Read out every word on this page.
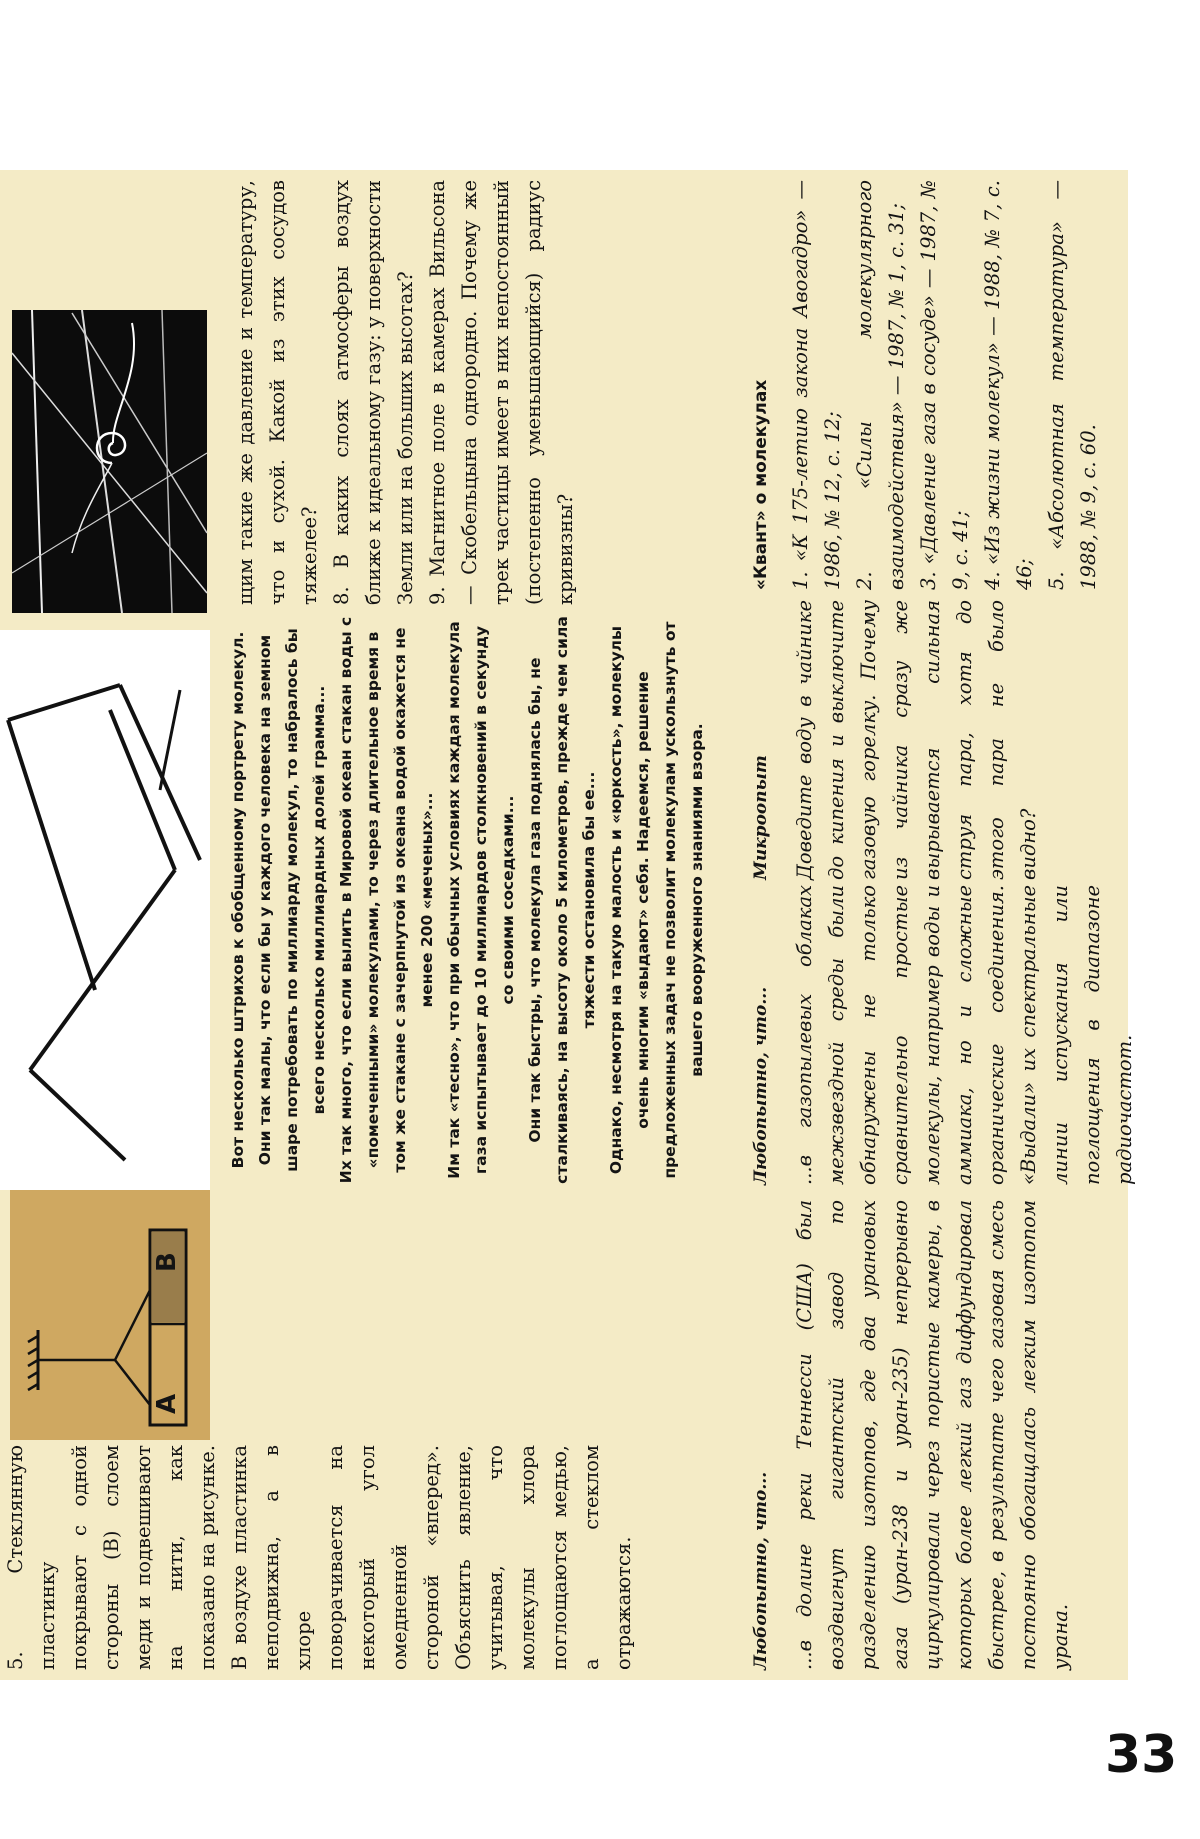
A
B
5. Стеклянную пластинку покрывают с одной стороны (В) слоем меди и подвешивают на нити, как показано на рисунке. В воздухе пластинка неподвижна, а в хлоре поворачивается на некоторый угол омедненной стороной «вперед». Объяснить явление, учитывая, что молекулы хлора поглощаются медью, а стеклом отражаются.

Вот несколько штрихов к обобщенному портрету молекул. Они так малы, что если бы у каждого человека на земном шаре потребовать по миллиарду молекул, то набралось бы всего несколько миллиардных долей грамма... Их так много, что если вылить в Мировой океан стакан воды с «помеченными» молекулами, то через длительное время в том же стакане с зачерпнутой из океана водой окажется не менее 200 «меченых»... Им так «тесно», что при обычных условиях каждая молекула газа испытывает до 10 миллиардов столкновений в секунду со своими соседками... Они так быстры, что молекула газа поднялась бы, не сталкиваясь, на высоту около 5 километров, прежде чем сила тяжести остановила бы ее... Однако, несмотря на такую малость и «юркость», молекулы очень многим «выдают» себя. Надеемся, решение предложенных задач не позволит молекулам ускользнуть от вашего вооруженного знаниями взора.

щим такие же давление и температуру, что и сухой. Какой из этих сосудов тяжелее? 8. В каких слоях атмосферы воздух ближе к идеальному газу: у поверхности Земли или на больших высотах? 9. Магнитное поле в камерах Вильсона — Скобельцына однородно. Почему же трек частицы имеет в них непостоянный (постепенно уменьшающийся) радиус кривизны?
Любопытно, что...	...в долине реки Теннесси (США) был воздвигнут гигантский завод по разделению изотопов, где два урановых газа (уран-238 и уран-235) непрерывно циркулировали через пористые камеры, в которых более легкий газ диффундировал быстрее, в результате чего газовая смесь постоянно обогащалась легким изотопом урана.
Любопытно, что...	...в газопылевых облаках межзвездной среды были обнаружены не только сравнительно простые молекулы, например воды и аммиака, но и сложные органические соединения. «Выдали» их спектральные линии испускания или поглощения в диапазоне радиочастот.
Микроопыт	Доведите воду в чайнике до кипения и выключите газовую горелку. Почему из чайника сразу же вырывается сильная струя пара, хотя до этого пара не было видно?
«Квант» о молекулах 1. «К 175-летию закона Авогадро» — 1986, № 12, с. 12; 2. «Силы молекулярного взаимодействия» — 1987, № 1, с. 31; 3. «Давление газа в сосуде» — 1987, № 9, с. 41; 4. «Из жизни молекул» — 1988, № 7, с. 46; 5. «Абсолютная температура» — 1988, № 9, с. 60.
33
